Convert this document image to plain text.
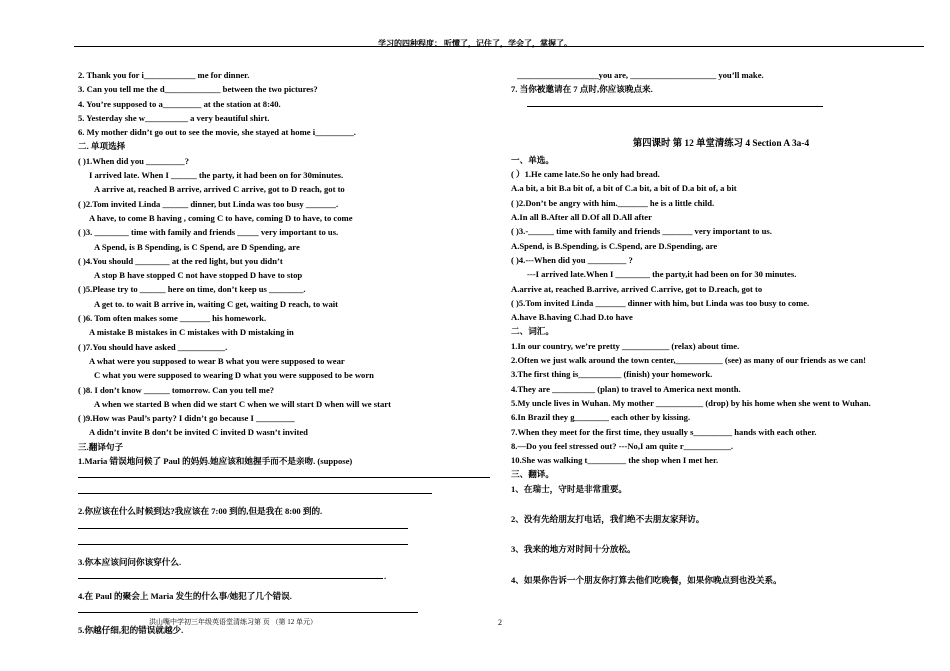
学习的四种程度： 听懂了，记住了，学会了，掌握了。
2. Thank you for i____________ me for dinner.
3. Can you tell me the d_____________ between the two pictures?
4. You’re supposed to a_________ at the station at 8:40.
5. Yesterday she w__________ a very beautiful shirt.
6. My mother didn’t go out to see the movie, she stayed at home i_________.
二. 单项选择
( )1.When did you _________?
I arrived late. When I ______ the party, it had been on for 30minutes.
A arrive at, reached B arrive, arrived C arrive, got to D reach, got to
( )2.Tom invited Linda ______ dinner, but Linda was too busy _______.
A have, to come B having , coming C to have, coming D to have, to come
( )3. ________ time with family and friends _____ very important to us.
A Spend, is B Spending, is C Spend, are D Spending, are
( )4.You should ________ at the red light, but you didn’t
A stop B have stopped C not have stopped D have to stop
( )5.Please try to ______ here on time, don’t keep us ________.
A get to. to wait B arrive in, waiting C get, waiting D reach, to wait
( )6. Tom often makes some _______ his homework.
A mistake B mistakes in C mistakes with D mistaking in
( )7.You should have asked ___________.
A what were you supposed to wear B what you were supposed to wear
C what you were supposed to wearing D what you were supposed to be worn
( )8. I don’t know ______ tomorrow. Can you tell me?
A when we started B when did we start C when we will start D when will we start
( )9.How was Paul’s party? I didn’t go because I _________
A didn’t invite B don’t be invited C invited D wasn’t invited
三.翻译句子
1.Maria 错误地问候了 Paul 的妈妈.她应该和她握手而不是亲吻. (suppose)
2.你应该在什么时候到达?我应该在 7:00 到的,但是我在 8:00 到的.
3.你本应该问问你该穿什么.
.
4.在 Paul 的聚会上 Maria 发生的什么事/她犯了几个错误.
5.你越仔细,犯的错误就越少.
___________________you are, ____________________ you’ll make.
7. 当你被邀请在 7 点时,你应该晚点来.
第四课时 第 12 单堂清练习 4 Section A 3a-4
一、单选。
( ）1.He came late.So he only had bread.
A.a bit, a bit B.a bit of, a bit of C.a bit, a bit of D.a bit of, a bit
( )2.Don’t be angry with him._______ he is a little child.
A.In all B.After all D.Of all D.All after
( )3.-______ time with family and friends _______ very important to us.
A.Spend, is B.Spending, is C.Spend, are D.Spending, are
( )4.---When did you _________ ?
---I arrived late.When I ________ the party,it had been on for 30 minutes.
A.arrive at, reached B.arrive, arrived C.arrive, got to D.reach, got to
( )5.Tom invited Linda _______ dinner with him, but Linda was too busy to come.
A.have B.having C.had D.to have
二、词汇。
1.In our country, we’re pretty ___________ (relax) about time.
2.Often we just walk around the town center,___________ (see) as many of our friends as we can!
3.The first thing is__________ (finish) your homework.
4.They are __________ (plan) to travel to America next month.
5.My uncle lives in Wuhan. My mother ___________ (drop) by his home when she went to Wuhan.
6.In Brazil they g________ each other by kissing.
7.When they meet for the first time, they usually s_________ hands with each other.
8.—Do you feel stressed out? ---No,I am quite r___________.
10.She was walking t_________ the shop when I met her.
三、翻译。
1、在瑞士，守时是非常重要。
2、没有先给朋友打电话，我们绝不去朋友家拜访。
3、我来的地方对时间十分放松。
4、如果你告诉一个朋友你打算去他们吃晚餐，如果你晚点到也没关系。
洪山嘴中学初三年级英语堂清练习第 页 （第 12 单元）	2
